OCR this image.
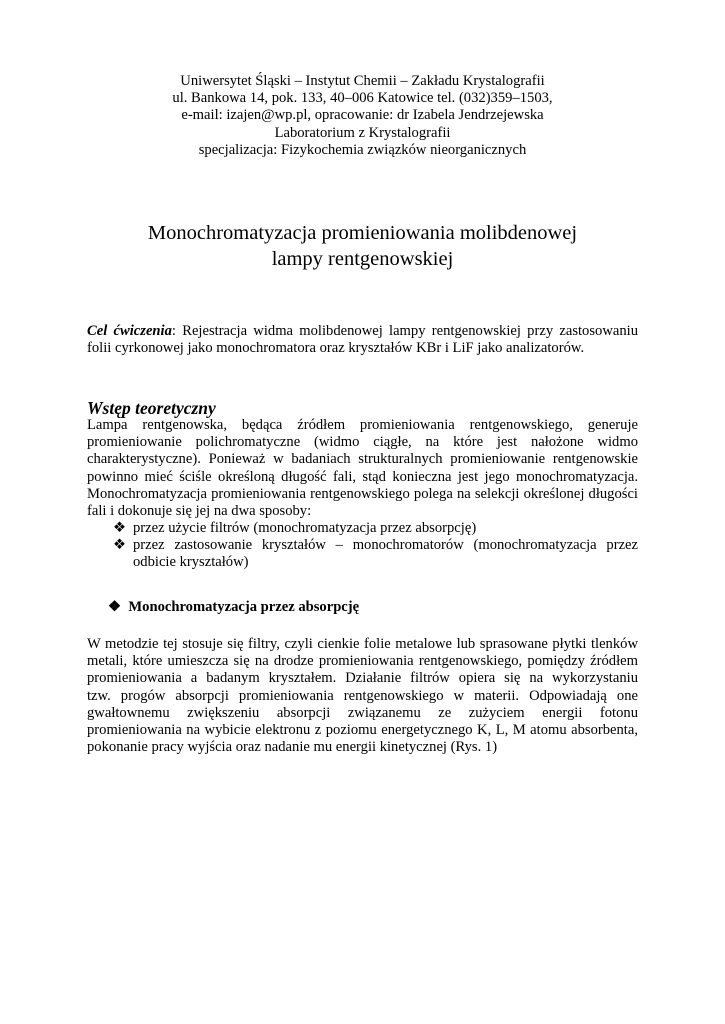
Uniwersytet Śląski – Instytut Chemii – Zakładu Krystalografii
ul. Bankowa 14, pok. 133, 40–006 Katowice tel. (032)359–1503,
e-mail: izajen@wp.pl, opracowanie: dr Izabela Jendrzejewska
Laboratorium z Krystalografii
specjalizacja: Fizykochemia związków nieorganicznych
Monochromatyzacja promieniowania molibdenowej
lampy rentgenowskiej
Cel ćwiczenia: Rejestracja widma molibdenowej lampy rentgenowskiej przy zastosowaniu
folii cyrkonowej jako monochromatora oraz kryształów KBr i LiF jako analizatorów.
Wstęp teoretyczny
Lampa rentgenowska, będąca źródłem promieniowania rentgenowskiego, generuje
promieniowanie polichromatyczne (widmo ciągłe, na które jest nałożone widmo
charakterystyczne). Ponieważ w badaniach strukturalnych promieniowanie rentgenowskie
powinno mieć ściśle określoną długość fali, stąd konieczna jest jego monochromatyzacja.
Monochromatyzacja promieniowania rentgenowskiego polega na selekcji określonej długości
fali i dokonuje się jej na dwa sposoby:
❖ przez użycie filtrów (monochromatyzacja przez absorpcję)
❖ przez zastosowanie kryształów – monochromatorów (monochromatyzacja przez
odbicie kryształów)
❖ Monochromatyzacja przez absorpcję
W metodzie tej stosuje się filtry, czyli cienkie folie metalowe lub sprasowane płytki tlenków
metali, które umieszcza się na drodze promieniowania rentgenowskiego, pomiędzy źródłem
promieniowania a badanym kryształem. Działanie filtrów opiera się na wykorzystaniu
tzw. progów absorpcji promieniowania rentgenowskiego w materii. Odpowiadają one
gwałtownemu zwiększeniu absorpcji związanemu ze zużyciem energii fotonu
promieniowania na wybicie elektronu z poziomu energetycznego K, L, M atomu absorbenta,
pokonanie pracy wyjścia oraz nadanie mu energii kinetycznej (Rys. 1)
